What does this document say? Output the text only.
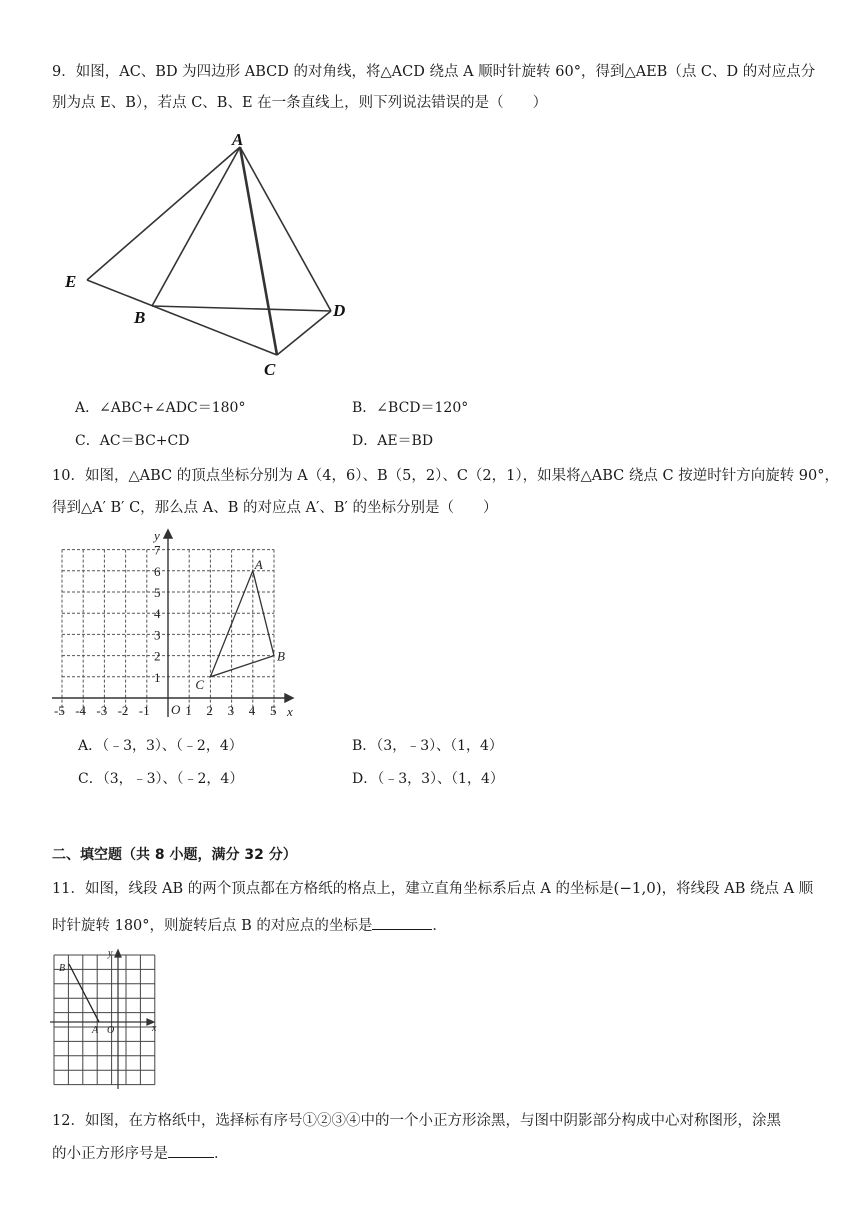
9．如图，AC、BD 为四边形 ABCD 的对角线，将△ACD 绕点 A 顺时针旋转 60°，得到△AEB（点 C、D 的对应点分
别为点 E、B），若点 C、B、E 在一条直线上，则下列说法错误的是（　　）
A
E
B	D
C
A．∠ABC+∠ADC＝180°	B．∠BCD＝120°
C．AC＝BC+CD	D．AE＝BD
10．如图，△ABC 的顶点坐标分别为 A（4，6）、B（5，2）、C（2，1），如果将△ABC 绕点 C 按逆时针方向旋转 90°，
得到△A′ B′ C，那么点 A、B 的对应点 A′、B′ 的坐标分别是（　　）
-5 -4 -3 -2 -1	1 2 3 4 5
1
2
3
4
5
6
7
A
B
C
x
y
O
A．（﹣3，3）、（﹣2，4）	B．（3，﹣3）、（1，4）
C．（3，﹣3）、（﹣2，4）	D．（﹣3，3）、（1，4）
二、填空题（共 8 小题，满分 32 分）
11．如图，线段 AB 的两个顶点都在方格纸的格点上，建立直角坐标系后点 A 的坐标是(−1,0)，将线段 AB 绕点 A 顺
时针旋转 180°，则旋转后点 B 的对应点的坐标是	．
B
A O	x
y
12．如图，在方格纸中，选择标有序号①②③④中的一个小正方形涂黑，与图中阴影部分构成中心对称图形，涂黑
的小正方形序号是	．
